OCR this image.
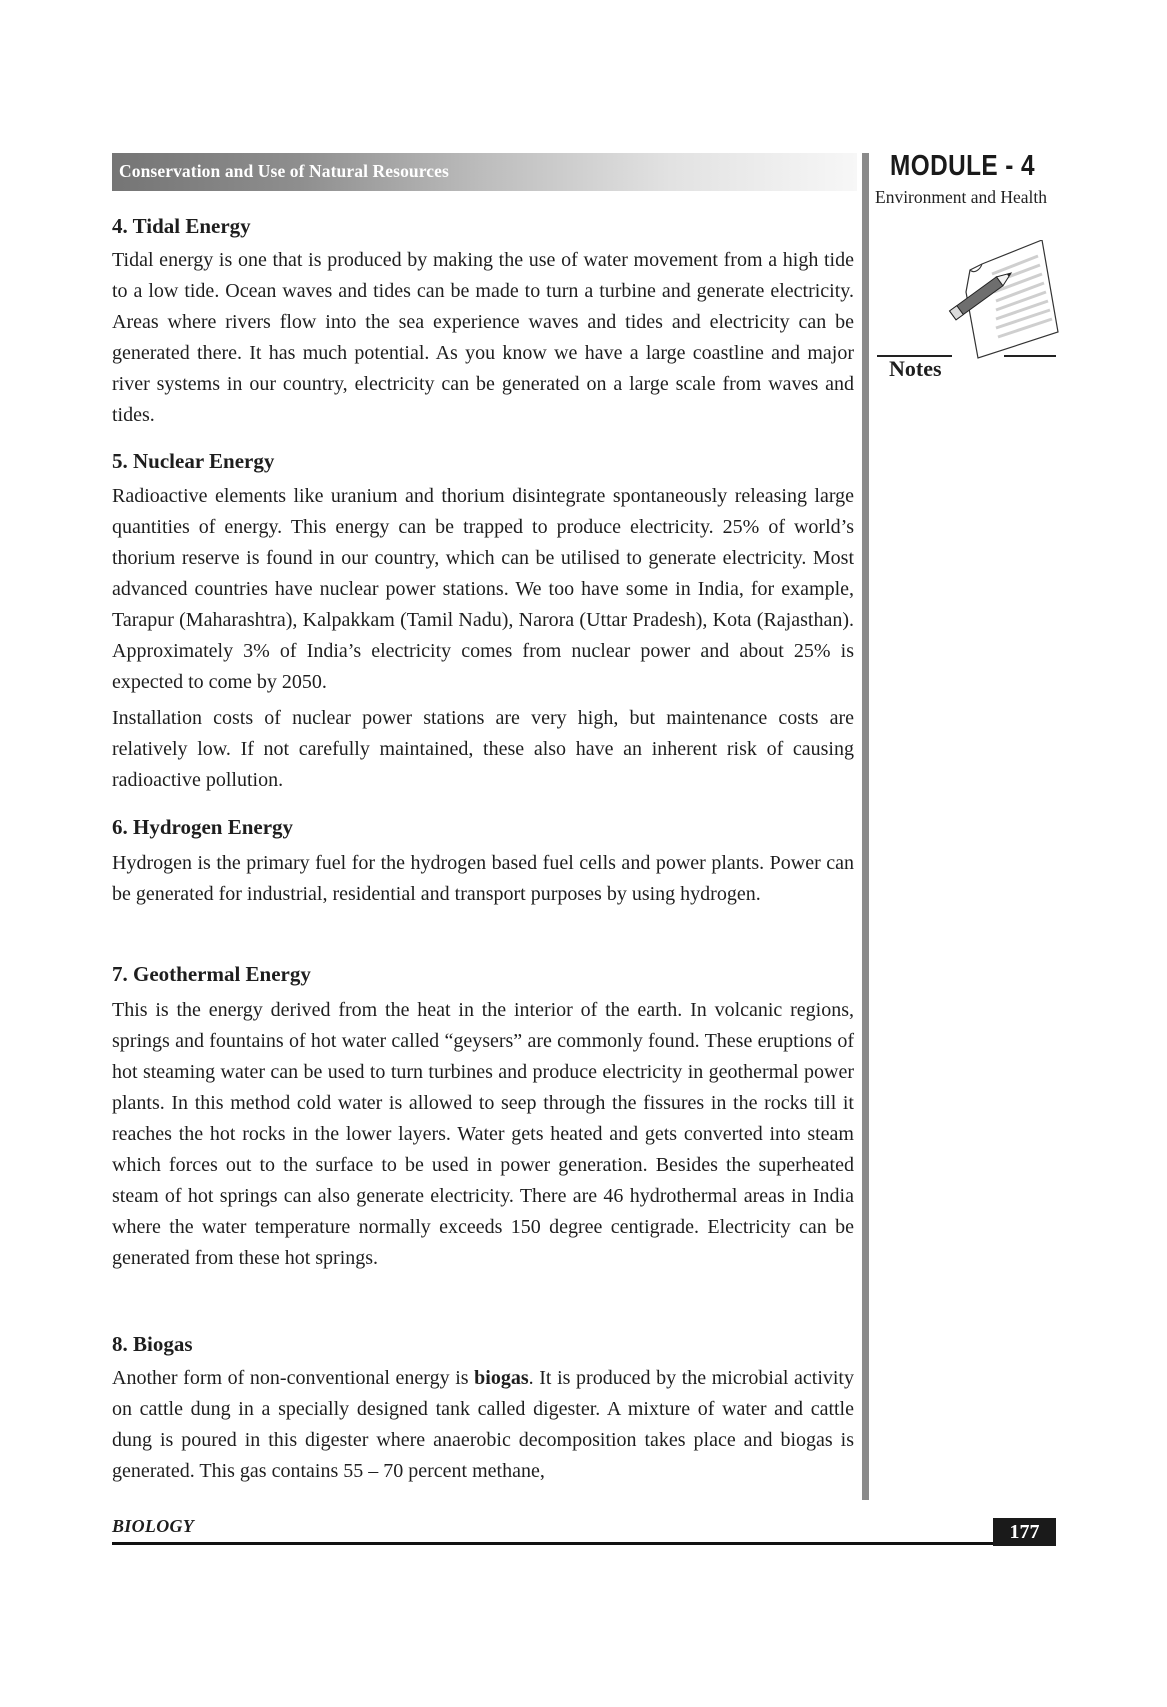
Conservation and Use of Natural Resources	MODULE - 4
Environment and Health
Notes
4. Tidal Energy

Tidal energy is one that is produced by making the use of water movement from a high tide to a low tide. Ocean waves and tides can be made to turn a turbine and generate electricity. Areas where rivers flow into the sea experience waves and tides and electricity can be generated there. It has much potential. As you know we have a large coastline and major river systems in our country, electricity can be generated on a large scale from waves and tides.

5. Nuclear Energy

Radioactive elements like uranium and thorium disintegrate spontaneously releasing large quantities of energy. This energy can be trapped to produce electricity. 25% of world’s thorium reserve is found in our country, which can be utilised to generate electricity. Most advanced countries have nuclear power stations. We too have some in India, for example, Tarapur (Maharashtra), Kalpakkam (Tamil Nadu), Narora (Uttar Pradesh), Kota (Rajasthan). Approximately 3% of India’s electricity comes from nuclear power and about 25% is expected to come by 2050.

Installation costs of nuclear power stations are very high, but maintenance costs are relatively low. If not carefully maintained, these also have an inherent risk of causing radioactive pollution.

6. Hydrogen Energy

Hydrogen is the primary fuel for the hydrogen based fuel cells and power plants. Power can be generated for industrial, residential and transport purposes by using hydrogen.

7. Geothermal Energy

This is the energy derived from the heat in the interior of the earth. In volcanic regions, springs and fountains of hot water called “geysers” are commonly found. These eruptions of hot steaming water can be used to turn turbines and produce electricity in geothermal power plants. In this method cold water is allowed to seep through the fissures in the rocks till it reaches the hot rocks in the lower layers. Water gets heated and gets converted into steam which forces out to the surface to be used in power generation. Besides the superheated steam of hot springs can also generate electricity. There are 46 hydrothermal areas in India where the water temperature normally exceeds 150 degree centigrade. Electricity can be generated from these hot springs.

8. Biogas

Another form of non-conventional energy is biogas. It is produced by the microbial activity on cattle dung in a specially designed tank called digester. A mixture of water and cattle dung is poured in this digester where anaerobic decomposition takes place and biogas is generated. This gas contains 55 – 70 percent methane,

BIOLOGY	177
